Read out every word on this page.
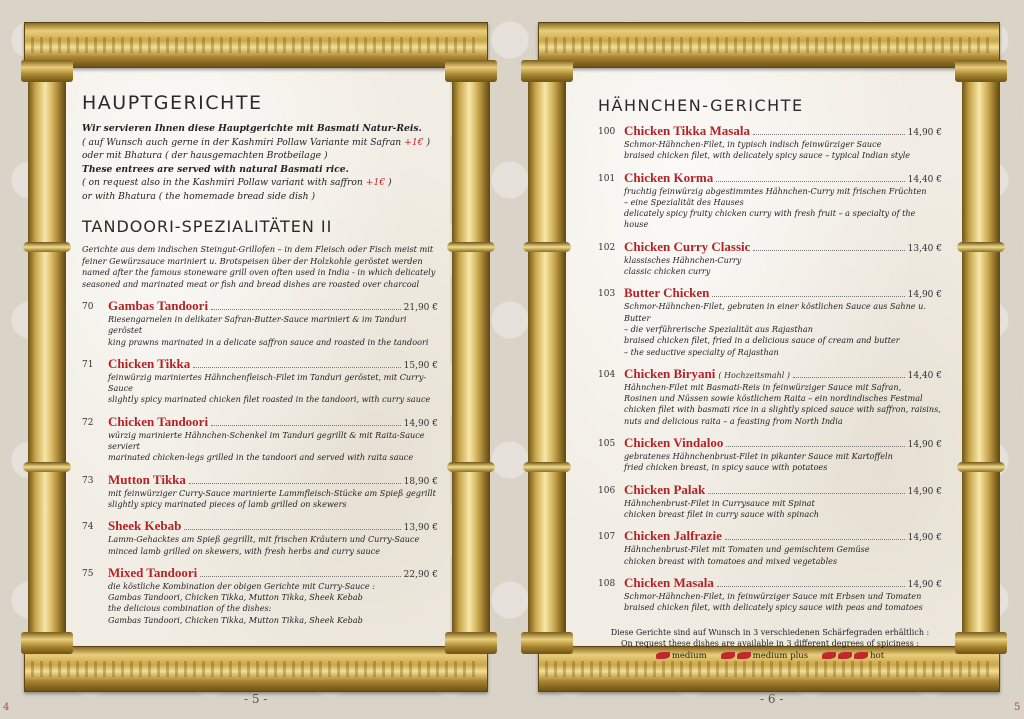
- 5 -
4
HAUPTGERICHTE
Wir servieren Ihnen diese Hauptgerichte mit Basmati Natur-Reis.
( auf Wunsch auch gerne in der Kashmiri Pollaw Variante mit Safran +1€ )
oder mit Bhatura ( der hausgemachten Brotbeilage )
These entrees are served with natural Basmati rice.
( on request also in the Kashmiri Pollaw variant with saffron +1€ )
or with Bhatura ( the homemade bread side dish )
TANDOORI-SPEZIALITÄTEN II
Gerichte aus dem indischen Steingut-Grillofen – in dem Fleisch oder Fisch meist mit
feiner Gewürzsauce mariniert u. Brotspeisen über der Holzkohle geröstet werden
named after the famous stoneware grill oven often used in India - in which delicately
seasoned and marinated meat or fish and bread dishes are roasted over charcoal
70	Gambas Tandoori	21,90 €
Riesengarnelen in delikater Safran-Butter-Sauce mariniert & im Tanduri geröstet
king prawns marinated in a delicate saffron sauce and roasted in the tandoori
71	Chicken Tikka	15,90 €
feinwürzig mariniertes Hähnchenfleisch-Filet im Tanduri geröstet, mit Curry-Sauce
slightly spicy marinated chicken filet roasted in the tandoori, with curry sauce
72	Chicken Tandoori	14,90 €
würzig marinierte Hähnchen-Schenkel im Tanduri gegrillt & mit Raita-Sauce serviert
marinated chicken-legs grilled in the tandoori and served with raita sauce
73	Mutton Tikka	18,90 €
mit feinwürziger Curry-Sauce marinierte Lammfleisch-Stücke am Spieß gegrillt
slightly spicy marinated pieces of lamb grilled on skewers
74	Sheek Kebab	13,90 €
Lamm-Gehacktes am Spieß gegrillt, mit frischen Kräutern und Curry-Sauce
minced lamb grilled on skewers, with fresh herbs and curry sauce
75	Mixed Tandoori	22,90 €
die köstliche Kombination der obigen Gerichte mit Curry-Sauce :
Gambas Tandoori, Chicken Tikka, Mutton Tikka, Sheek Kebab
the delicious combination of the dishes:
Gambas Tandoori, Chicken Tikka, Mutton Tikka, Sheek Kebab
- 6 -
5
HÄHNCHEN-GERICHTE
100 Chicken Tikka Masala	14,90 €
Schmor-Hähnchen-Filet, in typisch indisch feinwürziger Sauce
braised chicken filet, with delicately spicy sauce – typical Indian style
101 Chicken Korma	14,40 €
fruchtig feinwürzig abgestimmtes Hähnchen-Curry mit frischen Früchten
– eine Spezialität des Hauses
delicately spicy fruity chicken curry with fresh fruit – a specialty of the house
102 Chicken Curry Classic	13,40 €
klassisches Hähnchen-Curry
classic chicken curry
103 Butter Chicken	14,90 €
Schmor-Hähnchen-Filet, gebraten in einer köstlichen Sauce aus Sahne u. Butter
– die verführerische Spezialität aus Rajasthan
braised chicken filet, fried in a delicious sauce of cream and butter
– the seductive specialty of Rajasthan
104 Chicken Biryani ( Hochzeitsmahl )	14,40 €
Hähnchen-Filet mit Basmati-Reis in feinwürziger Sauce mit Safran,
Rosinen und Nüssen sowie köstlichem Raita – ein nordindisches Festmal
chicken filet with basmati rice in a slightly spiced sauce with saffron, raisins,
nuts and delicious raita – a feasting from North India
105 Chicken Vindaloo	14,90 €
gebratenes Hähnchenbrust-Filet in pikanter Sauce mit Kartoffeln
fried chicken breast, in spicy sauce with potatoes
106 Chicken Palak	14,90 €
Hähnchenbrust-Filet in Currysauce mit Spinat
chicken breast filet in curry sauce with spinach
107 Chicken Jalfrazie	14,90 €
Hähnchenbrust-Filet mit Tomaten und gemischtem Gemüse
chicken breast with tomatoes and mixed vegetables
108 Chicken Masala	14,90 €
Schmor-Hähnchen-Filet, in feinwürziger Sauce mit Erbsen und Tomaten
braised chicken filet, with delicately spicy sauce with peas and tomatoes
Diese Gerichte sind auf Wunsch in 3 verschiedenen Schärfegraden erhältlich :
On request these dishes are available in 3 different degrees of spiciness :
medium	medium plus	hot
